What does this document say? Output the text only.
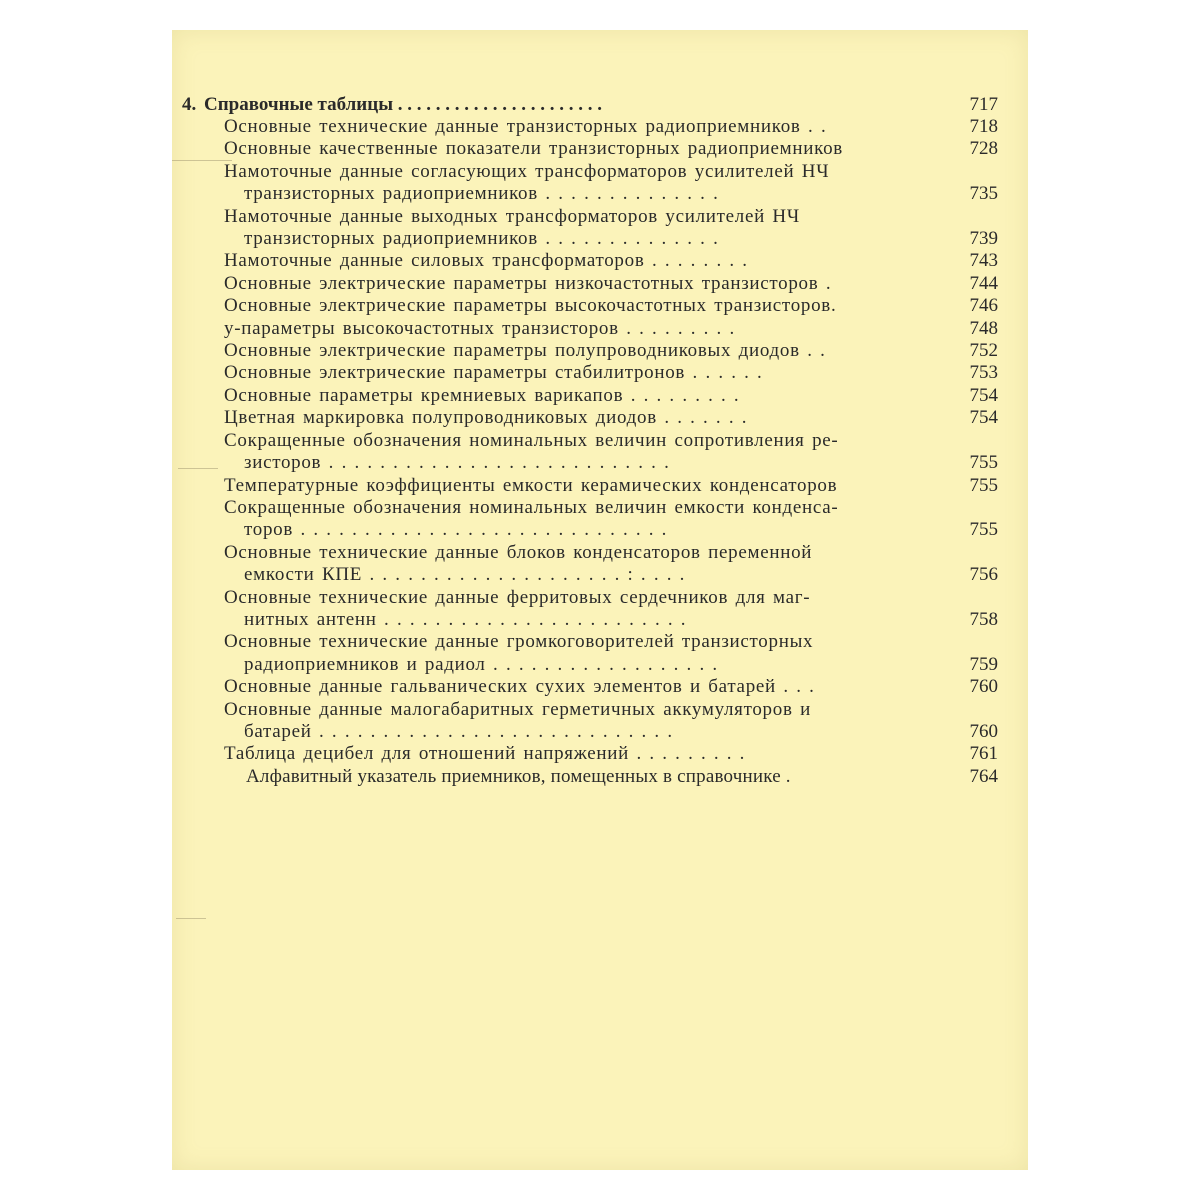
4. Справочные таблицы . . . . . . . . . . . . . . . . . . . . . .	717
Основные технические данные транзисторных радиоприемников . .	718
Основные качественные показатели транзисторных радиоприемников	728
Намоточные данные согласующих трансформаторов усилителей НЧ
транзисторных радиоприемников . . . . . . . . . . . . . .	735
Намоточные данные выходных трансформаторов усилителей НЧ
транзисторных радиоприемников . . . . . . . . . . . . . .	739
Намоточные данные силовых трансформаторов . . . . . . . .	743
Основные электрические параметры низкочастотных транзисторов .	744
Основные электрические параметры высокочастотных транзисторов.	746
y-параметры высокочастотных транзисторов . . . . . . . . .	748
Основные электрические параметры полупроводниковых диодов . .	752
Основные электрические параметры стабилитронов . . . . . .	753
Основные параметры кремниевых варикапов . . . . . . . . .	754
Цветная маркировка полупроводниковых диодов . . . . . . .	754
Сокращенные обозначения номинальных величин сопротивления ре-
зисторов . . . . . . . . . . . . . . . . . . . . . . . . . . .	755
Температурные коэффициенты емкости керамических конденсаторов	755
Сокращенные обозначения номинальных величин емкости конденса-
торов . . . . . . . . . . . . . . . . . . . . . . . . . . . . .	755
Основные технические данные блоков конденсаторов переменной
емкости КПЕ . . . . . . . . . . . . . . . . . . . . : . . . .	756
Основные технические данные ферритовых сердечников для маг-
нитных антенн . . . . . . . . . . . . . . . . . . . . . . . .	758
Основные технические данные громкоговорителей транзисторных
радиоприемников и радиол . . . . . . . . . . . . . . . . . .	759
Основные данные гальванических сухих элементов и батарей . . .	760
Основные данные малогабаритных герметичных аккумуляторов и
батарей . . . . . . . . . . . . . . . . . . . . . . . . . . . .	760
Таблица децибел для отношений напряжений . . . . . . . . .	761
Алфавитный указатель приемников, помещенных в справочнике .	764
